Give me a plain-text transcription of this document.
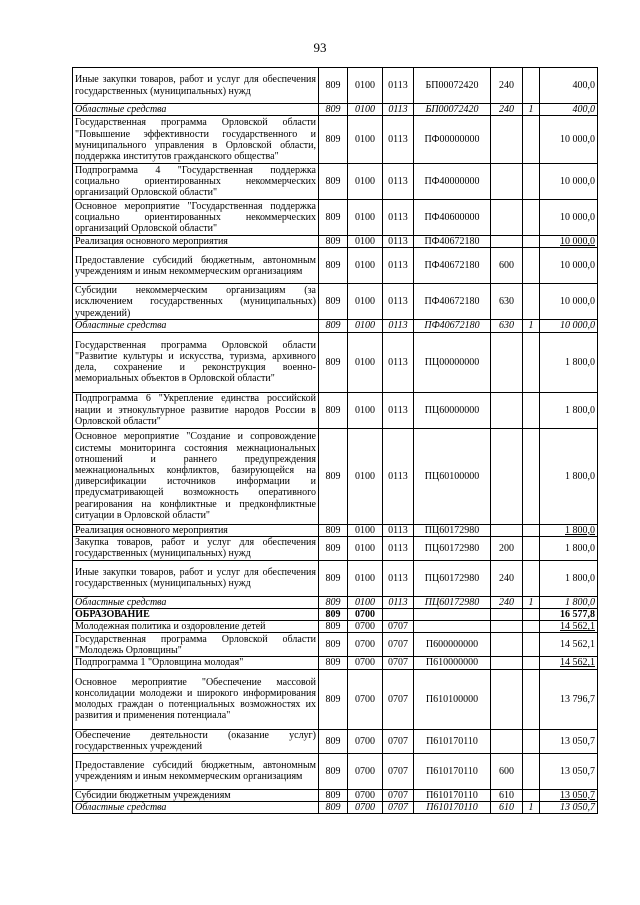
93
Иные закупки товаров, работ и услуг для обеспечения государственных (муниципальных) нужд	809	0100	0113	БП00072420	240		400,0
Областные средства	809	0100	0113	БП00072420	240	1	400,0
Государственная программа Орловской области "Повышение эффективности государственного и муниципального управления в Орловской области, поддержка институтов гражданского общества"	809	0100	0113	ПФ00000000			10 000,0
Подпрограмма 4 "Государственная поддержка социально ориентированных некоммерческих организаций Орловской области"	809	0100	0113	ПФ40000000			10 000,0
Основное мероприятие "Государственная поддержка социально ориентированных некоммерческих организаций Орловской области"	809	0100	0113	ПФ40600000			10 000,0
Реализация основного мероприятия	809	0100	0113	ПФ40672180			10 000,0
Предоставление субсидий бюджетным, автономным учреждениям и иным некоммерческим организациям	809	0100	0113	ПФ40672180	600		10 000,0
Субсидии некоммерческим организациям (за исключением государственных (муниципальных) учреждений)	809	0100	0113	ПФ40672180	630		10 000,0
Областные средства	809	0100	0113	ПФ40672180	630	1	10 000,0
Государственная программа Орловской области "Развитие культуры и искусства, туризма, архивного дела, сохранение и реконструкция военно-мемориальных объектов в Орловской области"	809	0100	0113	ПЦ00000000			1 800,0
Подпрограмма 6 "Укрепление единства российской нации и этнокультурное развитие народов России в Орловской области"	809	0100	0113	ПЦ60000000			1 800,0
Основное мероприятие "Создание и сопровождение системы мониторинга состояния межнациональных отношений и раннего предупреждения межнациональных конфликтов, базирующейся на диверсификации источников информации и предусматривающей возможность оперативного реагирования на конфликтные и предконфликтные ситуации в Орловской области"	809	0100	0113	ПЦ60100000			1 800,0
Реализация основного мероприятия	809	0100	0113	ПЦ60172980			1 800,0
Закупка товаров, работ и услуг для обеспечения государственных (муниципальных) нужд	809	0100	0113	ПЦ60172980	200		1 800,0
Иные закупки товаров, работ и услуг для обеспечения государственных (муниципальных) нужд	809	0100	0113	ПЦ60172980	240		1 800,0
Областные средства	809	0100	0113	ПЦ60172980	240	1	1 800,0
ОБРАЗОВАНИЕ	809	0700					16 577,8
Молодежная политика и оздоровление детей	809	0700	0707				14 562,1
Государственная программа Орловской области "Молодежь Орловщины"	809	0700	0707	П600000000			14 562,1
Подпрограмма 1 "Орловщина молодая"	809	0700	0707	П610000000			14 562,1
Основное мероприятие "Обеспечение массовой консолидации молодежи и широкого информирования молодых граждан о потенциальных возможностях их развития и применения потенциала"	809	0700	0707	П610100000			13 796,7
Обеспечение деятельности (оказание услуг) государственных учреждений	809	0700	0707	П610170110			13 050,7
Предоставление субсидий бюджетным, автономным учреждениям и иным некоммерческим организациям	809	0700	0707	П610170110	600		13 050,7
Субсидии бюджетным учреждениям	809	0700	0707	П610170110	610		13 050,7
Областные средства	809	0700	0707	П610170110	610	1	13 050,7
